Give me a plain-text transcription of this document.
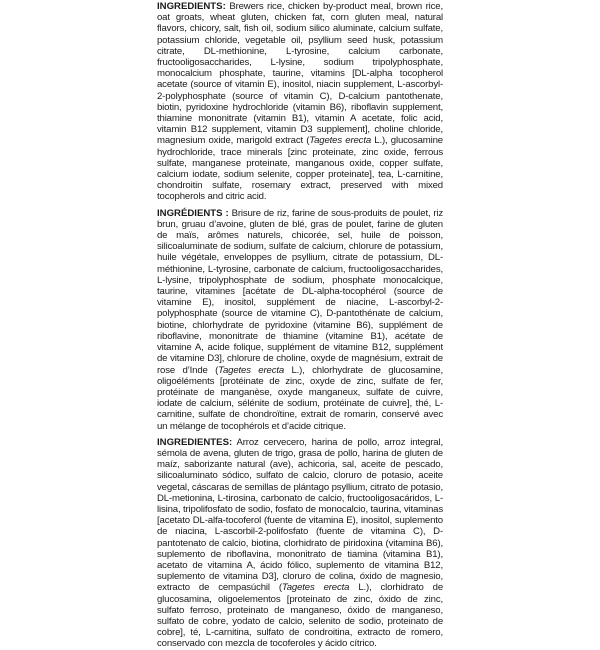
INGREDIENTS: Brewers rice, chicken by-product meal, brown rice, oat groats, wheat gluten, chicken fat, corn gluten meal, natural flavors, chicory, salt, fish oil, sodium silico aluminate, calcium sulfate, potassium chloride, vegetable oil, psyllium seed husk, potassium citrate, DL-methionine, L-tyrosine, calcium carbonate, fructooligosaccharides, L-lysine, sodium tripolyphosphate, monocalcium phosphate, taurine, vitamins [DL-alpha tocopherol acetate (source of vitamin E), inositol, niacin supplement, L-ascorbyl-2-polyphosphate (source of vitamin C), D-calcium pantothenate, biotin, pyridoxine hydrochloride (vitamin B6), riboflavin supplement, thiamine mononitrate (vitamin B1), vitamin A acetate, folic acid, vitamin B12 supplement, vitamin D3 supplement], choline chloride, magnesium oxide, marigold extract (Tagetes erecta L.), glucosamine hydrochloride, trace minerals [zinc proteinate, zinc oxide, ferrous sulfate, manganese proteinate, manganous oxide, copper sulfate, calcium iodate, sodium selenite, copper proteinate], tea, L-carnitine, chondroitin sulfate, rosemary extract, preserved with mixed tocopherols and citric acid.

INGRÉDIENTS : Brisure de riz, farine de sous-produits de poulet, riz brun, gruau d’avoine, gluten de blé, gras de poulet, farine de gluten de maïs, arômes naturels, chicorée, sel, huile de poisson, silicoaluminate de sodium, sulfate de calcium, chlorure de potassium, huile végétale, enveloppes de psyllium, citrate de potassium, DL-méthionine, L-tyrosine, carbonate de calcium, fructooligosaccharides, L-lysine, tripolyphosphate de sodium, phosphate monocalcique, taurine, vitamines [acétate de DL-alpha-tocophérol (source de vitamine E), inositol, supplément de niacine, L-ascorbyl-2-polyphosphate (source de vitamine C), D-pantothénate de calcium, biotine, chlorhydrate de pyridoxine (vitamine B6), supplément de riboflavine, mononitrate de thiamine (vitamine B1), acétate de vitamine A, acide folique, supplément de vitamine B12, supplément de vitamine D3], chlorure de choline, oxyde de magnésium, extrait de rose d’Inde (Tagetes erecta L.), chlorhydrate de glucosamine, oligoéléments [protéinate de zinc, oxyde de zinc, sulfate de fer, protéinate de manganèse, oxyde manganeux, sulfate de cuivre, iodate de calcium, sélénite de sodium, protéinate de cuivre], thé, L-carnitine, sulfate de chondroïtine, extrait de romarin, conservé avec un mélange de tocophérols et d’acide citrique.

INGREDIENTES: Arroz cervecero, harina de pollo, arroz integral, sémola de avena, gluten de trigo, grasa de pollo, harina de gluten de maíz, saborizante natural (ave), achicoria, sal, aceite de pescado, silicoaluminato sódico, sulfato de calcio, cloruro de potasio, aceite vegetal, cáscaras de semillas de plántago psyllium, citrato de potasio, DL-metionina, L-tirosina, carbonato de calcio, fructooligosacáridos, L-lisina, tripolifosfato de sodio, fosfato de monocalcio, taurina, vitaminas [acetato DL-alfa-tocoferol (fuente de vitamina E), inositol, suplemento de niacina, L-ascorbil-2-polifosfato (fuente de vitamina C), D-pantotenato de calcio, biotina, clorhidrato de piridoxina (vitamina B6), suplemento de riboflavina, mononitrato de tiamina (vitamina B1), acetato de vitamina A, ácido fólico, suplemento de vitamina B12, suplemento de vitamina D3], cloruro de colina, óxido de magnesio, extracto de cempasúchil (Tagetes erecta L.), clorhidrato de glucosamina, oligoelementos [proteinato de zinc, óxido de zinc, sulfato ferroso, proteinato de manganeso, óxido de manganeso, sulfato de cobre, yodato de calcio, selenito de sodio, proteinato de cobre], té, L-carnitina, sulfato de condroitina, extracto de romero, conservado con mezcla de tocoferoles y ácido cítrico.
